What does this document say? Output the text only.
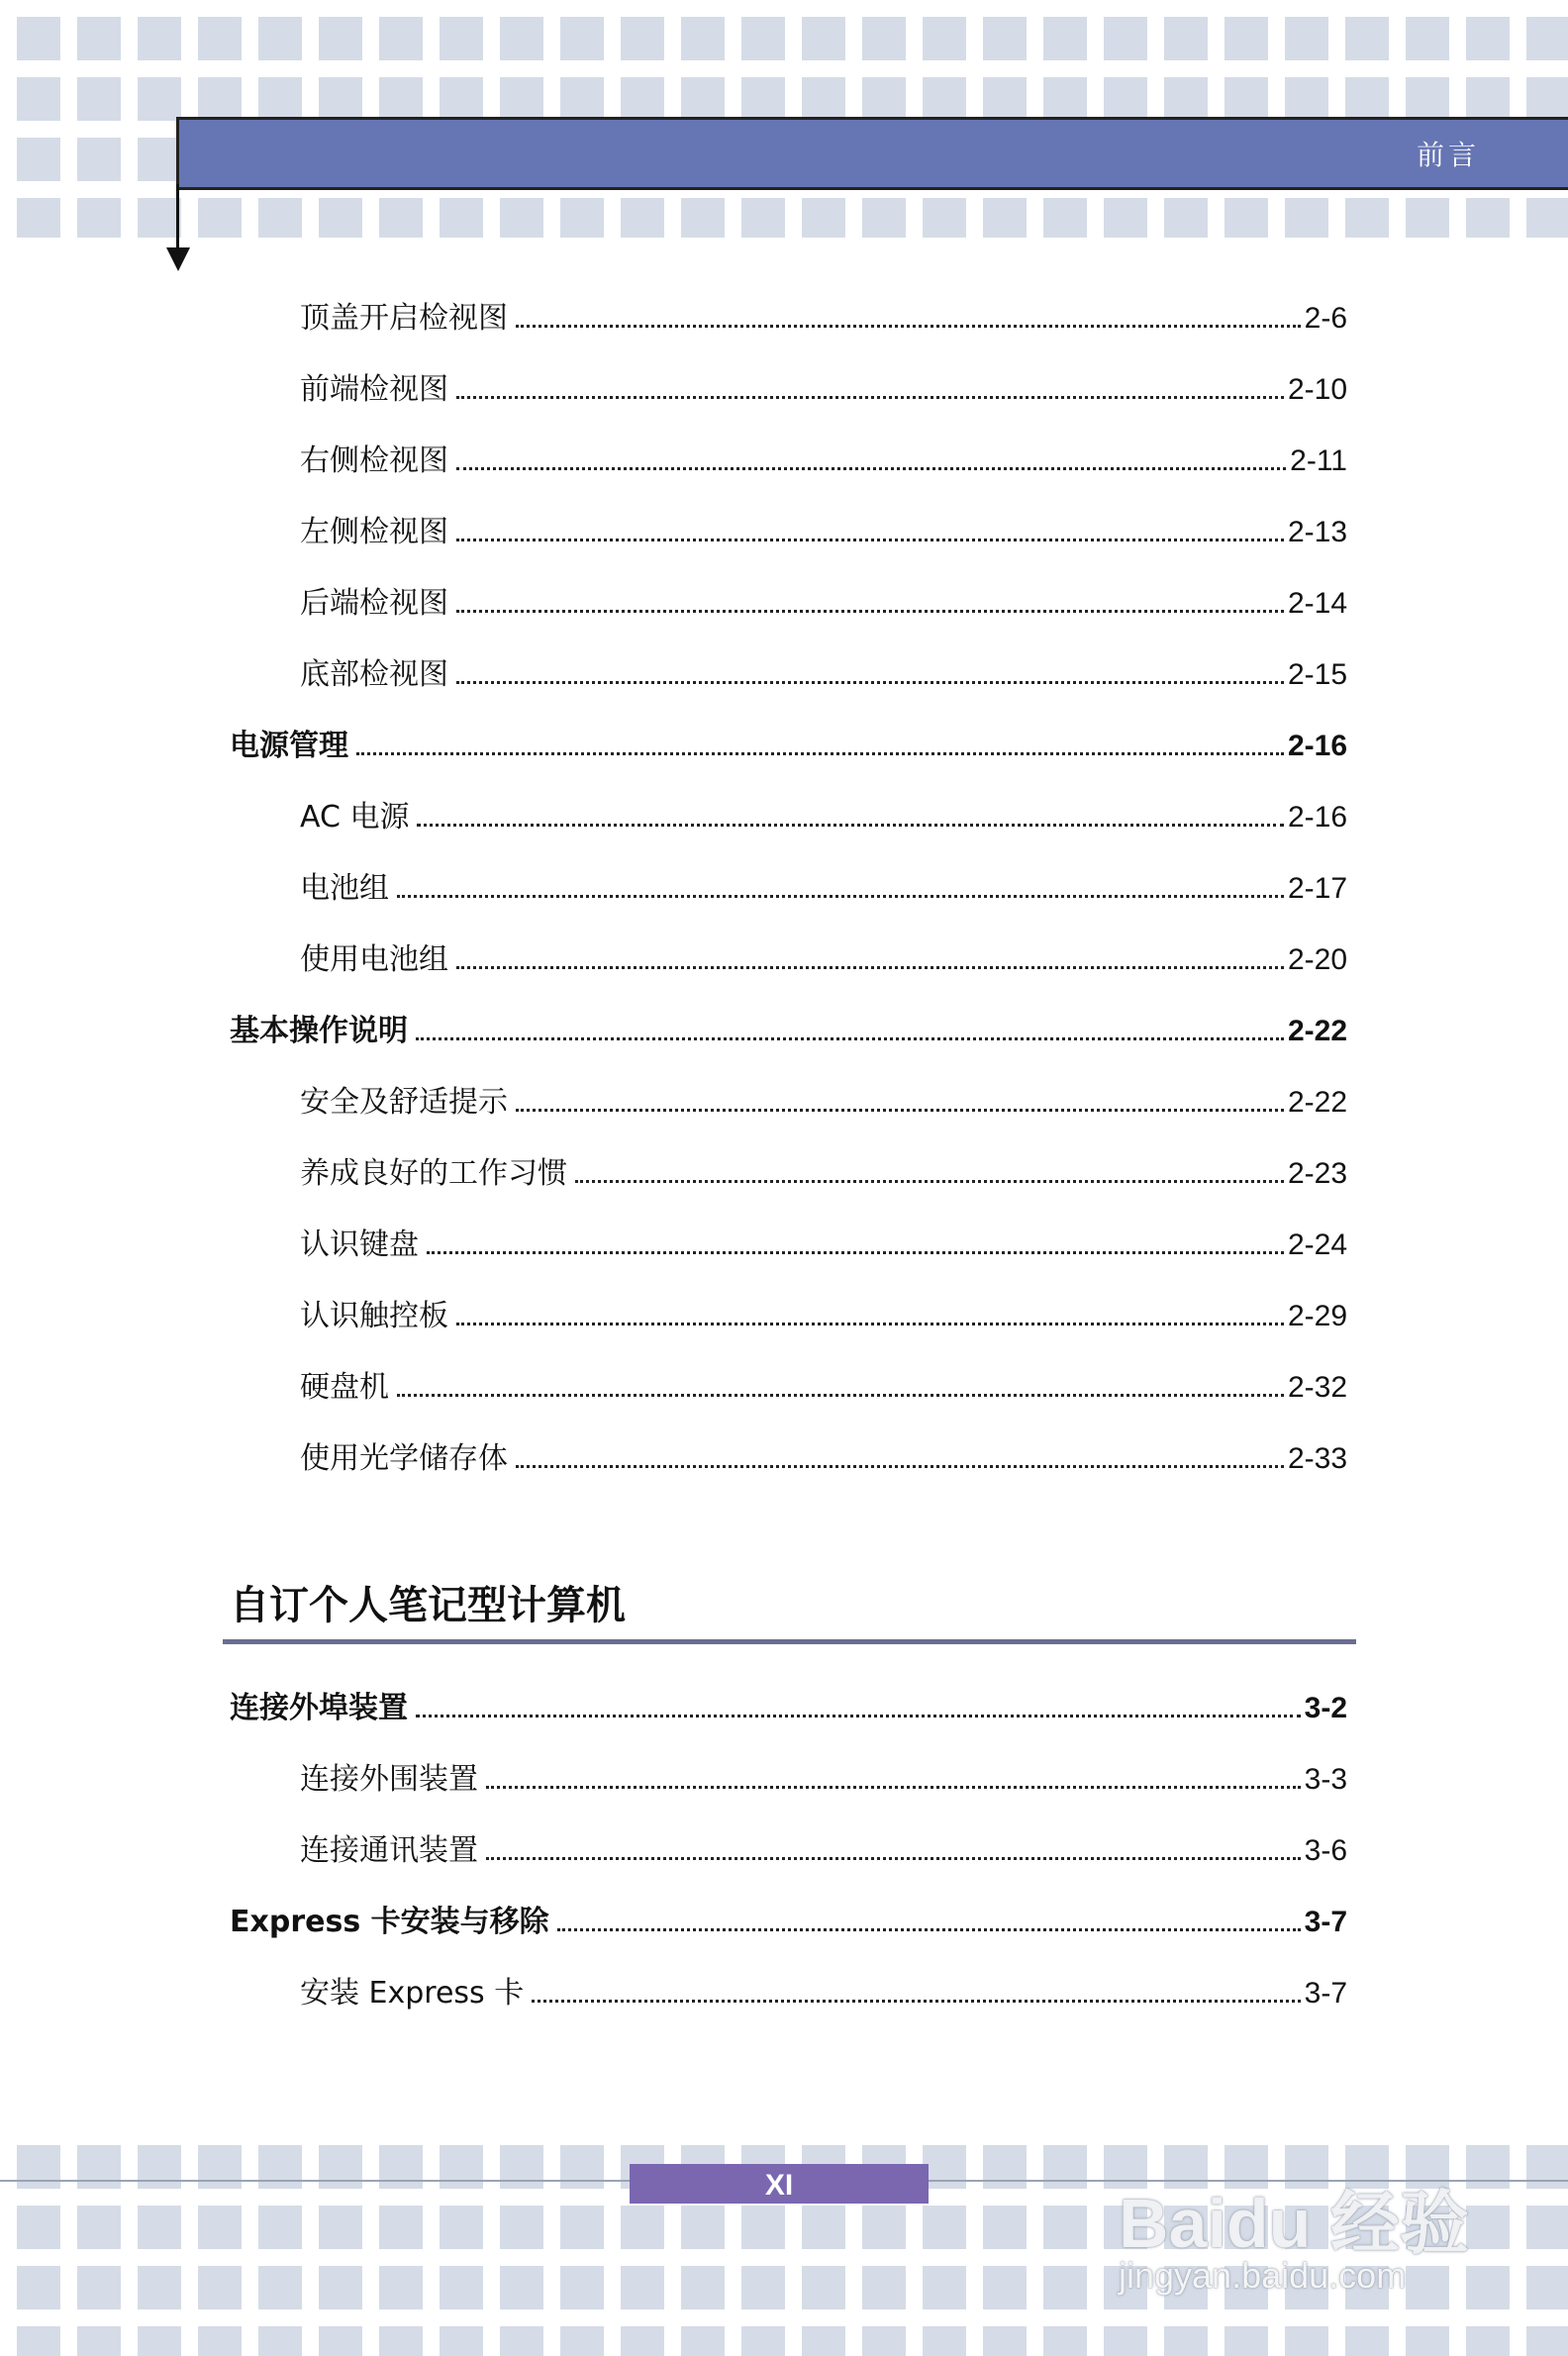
前言
顶盖开启检视图	2-6
前端检视图	2-10
右侧检视图	2-11
左侧检视图	2-13
后端检视图	2-14
底部检视图	2-15
电源管理	2-16
AC 电源	2-16
电池组	2-17
使用电池组	2-20
基本操作说明	2-22
安全及舒适提示	2-22
养成良好的工作习惯	2-23
认识键盘	2-24
认识触控板	2-29
硬盘机	2-32
使用光学储存体	2-33
自订个人笔记型计算机
连接外埠装置	3-2
连接外围装置	3-3
连接通讯装置	3-6
Express 卡安装与移除	3-7
安装 Express 卡	3-7
XI	Baidu 经验
jingyan.baidu.com
